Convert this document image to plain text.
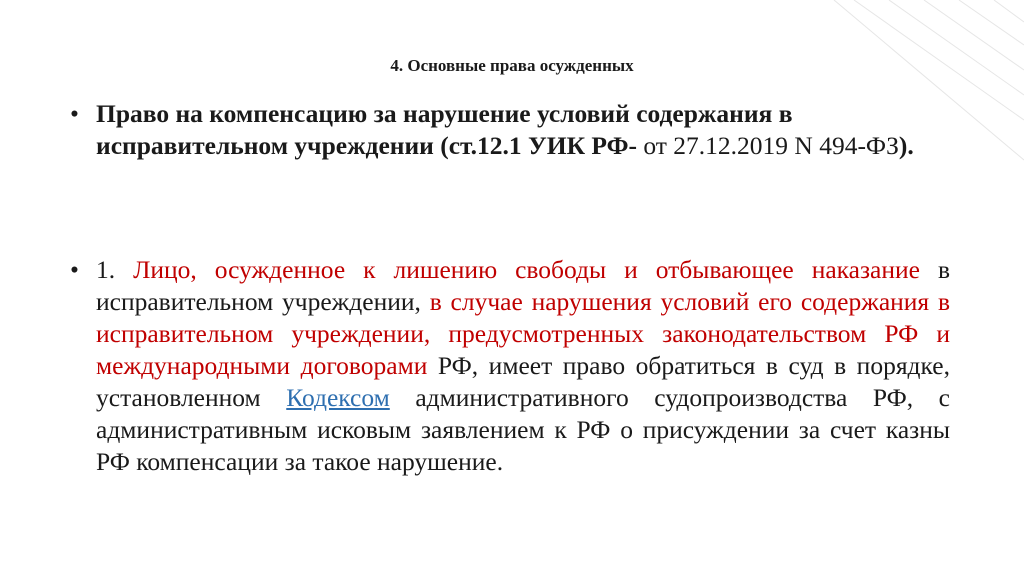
4. Основные права осужденных
• Право на компенсацию за нарушение условий содержания в исправительном учреждении (ст.12.1 УИК РФ- от 27.12.2019 N 494-ФЗ).
• 1. Лицо, осужденное к лишению свободы и отбывающее наказание в исправительном учреждении, в случае нарушения условий его содержания в исправительном учреждении, предусмотренных законодательством РФ и международными договорами РФ, имеет право обратиться в суд в порядке, установленном Кодексом административного судопроизводства РФ, с административным исковым заявлением к РФ о присуждении за счет казны РФ компенсации за такое нарушение.
